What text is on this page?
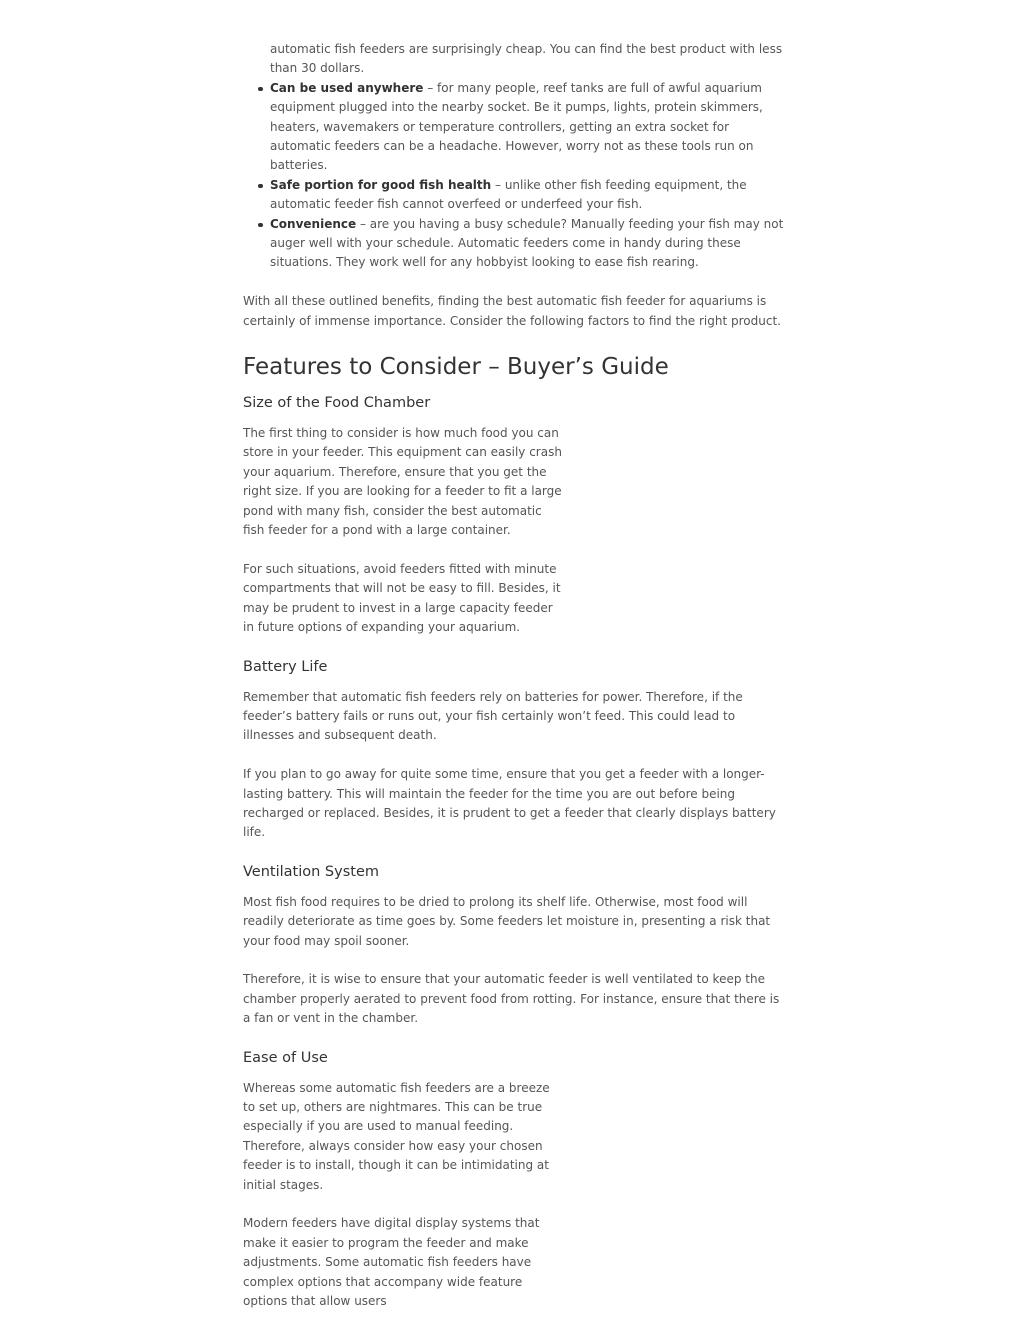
automatic fish feeders are surprisingly cheap. You can find the best product with less than 30 dollars.
Can be used anywhere – for many people, reef tanks are full of awful aquarium equipment plugged into the nearby socket. Be it pumps, lights, protein skimmers, heaters, wavemakers or temperature controllers, getting an extra socket for automatic feeders can be a headache. However, worry not as these tools run on batteries.
Safe portion for good fish health – unlike other fish feeding equipment, the automatic feeder fish cannot overfeed or underfeed your fish.
Convenience – are you having a busy schedule? Manually feeding your fish may not auger well with your schedule. Automatic feeders come in handy during these situations. They work well for any hobbyist looking to ease fish rearing.

With all these outlined benefits, finding the best automatic fish feeder for aquariums is certainly of immense importance. Consider the following factors to find the right product.

Features to Consider – Buyer’s Guide
Size of the Food Chamber

The first thing to consider is how much food you can store in your feeder. This equipment can easily crash your aquarium. Therefore, ensure that you get the right size. If you are looking for a feeder to fit a large pond with many fish, consider the best automatic fish feeder for a pond with a large container.

For such situations, avoid feeders fitted with minute compartments that will not be easy to fill. Besides, it may be prudent to invest in a large capacity feeder in future options of expanding your aquarium.

Battery Life

Remember that automatic fish feeders rely on batteries for power. Therefore, if the feeder’s battery fails or runs out, your fish certainly won’t feed. This could lead to illnesses and subsequent death.

If you plan to go away for quite some time, ensure that you get a feeder with a longer-lasting battery. This will maintain the feeder for the time you are out before being recharged or replaced. Besides, it is prudent to get a feeder that clearly displays battery life.

Ventilation System

Most fish food requires to be dried to prolong its shelf life. Otherwise, most food will readily deteriorate as time goes by. Some feeders let moisture in, presenting a risk that your food may spoil sooner.

Therefore, it is wise to ensure that your automatic feeder is well ventilated to keep the chamber properly aerated to prevent food from rotting. For instance, ensure that there is a fan or vent in the chamber.

Ease of Use

Whereas some automatic fish feeders are a breeze to set up, others are nightmares. This can be true especially if you are used to manual feeding. Therefore, always consider how easy your chosen feeder is to install, though it can be intimidating at initial stages.

Modern feeders have digital display systems that make it easier to program the feeder and make adjustments. Some automatic fish feeders have complex options that accompany wide feature options that allow users
